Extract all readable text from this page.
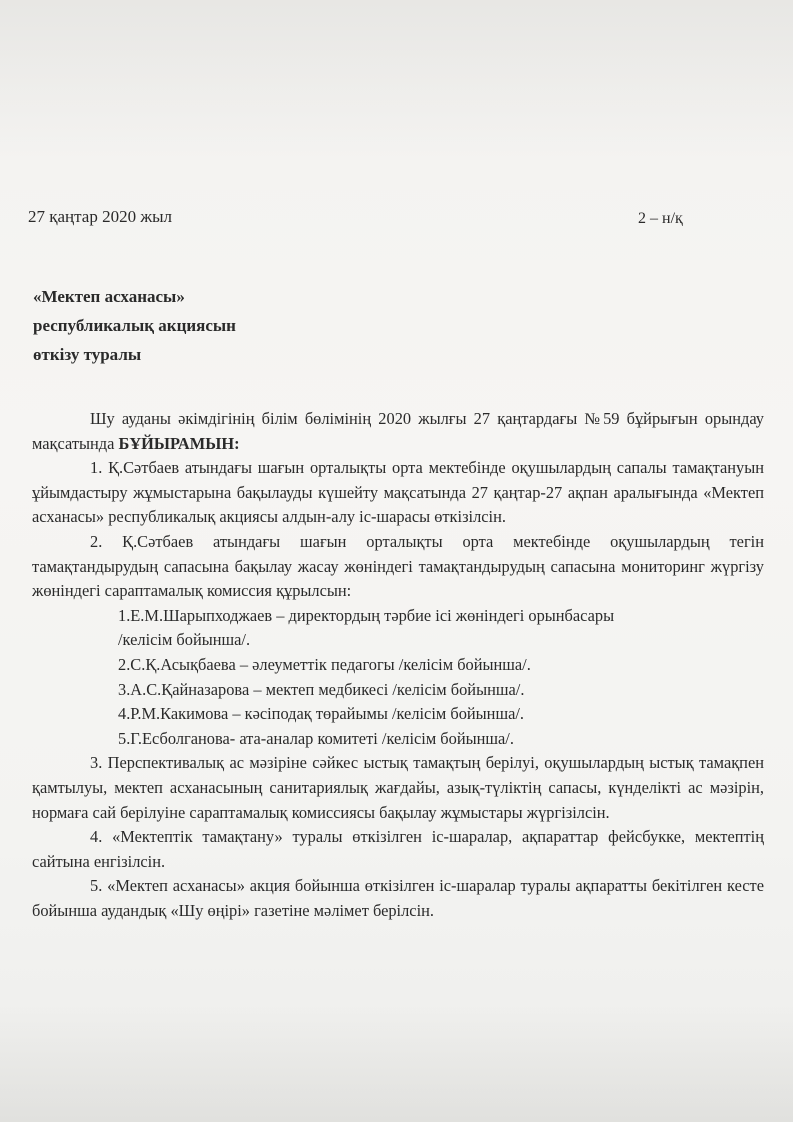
27 қаңтар 2020 жыл	2 – н/қ
«Мектеп асханасы»
республикалық акциясын
өткізу туралы

Шу ауданы әкімдігінің білім бөлімінің 2020 жылғы 27 қаңтардағы №59 бұйрығын орындау мақсатында БҰЙЫРАМЫН:

1. Қ.Сәтбаев атындағы шағын орталықты орта мектебінде оқушылардың сапалы тамақтануын ұйымдастыру жұмыстарына бақылауды күшейту мақсатында 27 қаңтар-27 ақпан аралығында «Мектеп асханасы» республикалық акциясы алдын-алу іс-шарасы өткізілсін.

2. Қ.Сәтбаев атындағы шағын орталықты орта мектебінде оқушылардың тегін тамақтандырудың сапасына бақылау жасау жөніндегі тамақтандырудың сапасына мониторинг жүргізу жөніндегі сараптамалық комиссия құрылсын:

1.Е.М.Шарыпходжаев – директордың тәрбие ісі жөніндегі орынбасары

/келісім бойынша/.

2.С.Қ.Асықбаева – әлеуметтік педагогы /келісім бойынша/.

3.А.С.Қайназарова – мектеп медбикесі /келісім бойынша/.

4.Р.М.Какимова – кәсіподақ төрайымы /келісім бойынша/.

5.Г.Есболганова- ата-аналар комитеті /келісім бойынша/.

3. Перспективалық ас мәзіріне сәйкес ыстық тамақтың берілуі, оқушылардың ыстық тамақпен қамтылуы, мектеп асханасының санитариялық жағдайы, азық-түліктің сапасы, күнделікті ас мәзірін, нормаға сай берілуіне сараптамалық комиссиясы бақылау жұмыстары жүргізілсін.

4. «Мектептік тамақтану» туралы өткізілген іс-шаралар, ақпараттар фейсбукке, мектептің сайтына енгізілсін.

5. «Мектеп асханасы» акция бойынша өткізілген іс-шаралар туралы ақпаратты бекітілген кесте бойынша аудандық «Шу өңірі» газетіне мәлімет берілсін.
